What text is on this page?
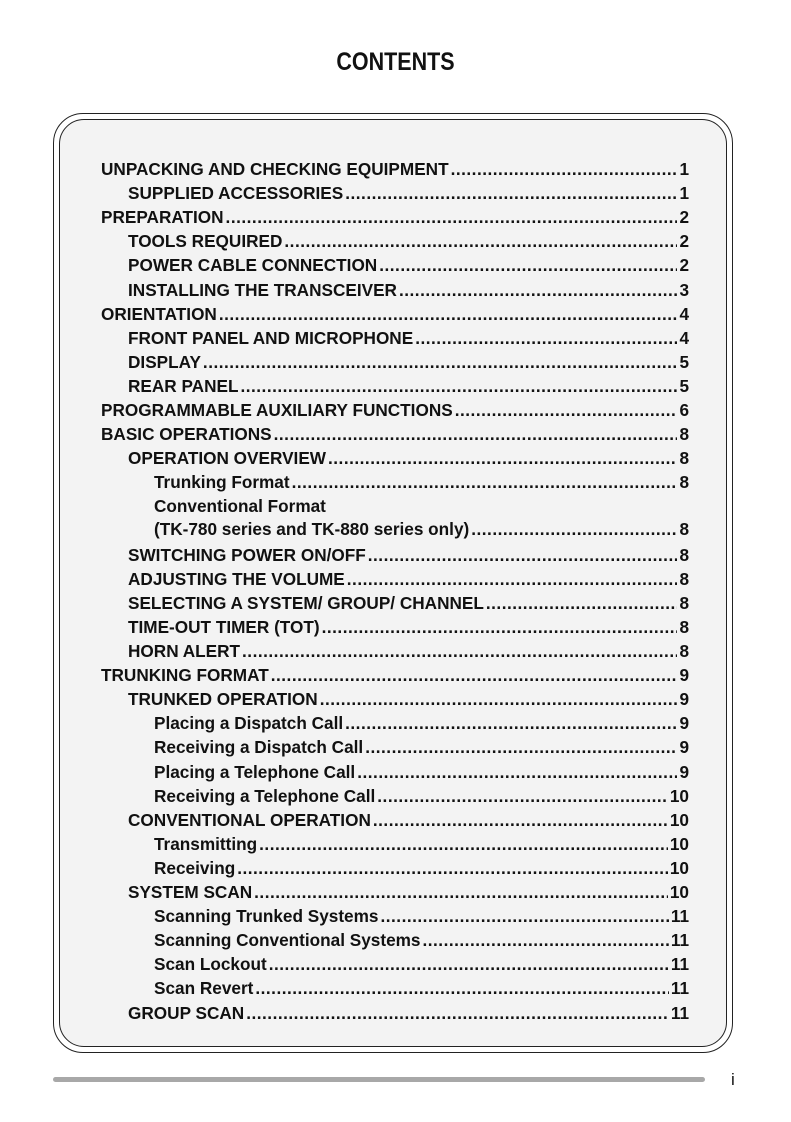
CONTENTS
UNPACKING AND CHECKING EQUIPMENT .....	1
SUPPLIED ACCESSORIES .....	1
PREPARATION .....	2
TOOLS REQUIRED .....	2
POWER CABLE CONNECTION .....	2
INSTALLING THE TRANSCEIVER .....	3
ORIENTATION .....	4
FRONT PANEL AND MICROPHONE .....	4
DISPLAY .....	5
REAR PANEL .....	5
PROGRAMMABLE AUXILIARY FUNCTIONS .....	6
BASIC OPERATIONS .....	8
OPERATION OVERVIEW .....	8
Trunking Format .....	8
Conventional Format
(TK-780 series and TK-880 series only) .....	8
SWITCHING POWER ON/OFF .....	8
ADJUSTING THE VOLUME .....	8
SELECTING A SYSTEM/ GROUP/ CHANNEL .....	8
TIME-OUT TIMER (TOT) .....	8
HORN ALERT .....	8
TRUNKING FORMAT .....	9
TRUNKED OPERATION .....	9
Placing a Dispatch Call .....	9
Receiving a Dispatch Call .....	9
Placing a Telephone Call .....	9
Receiving a Telephone Call .....	10
CONVENTIONAL OPERATION .....	10
Transmitting .....	10
Receiving .....	10
SYSTEM SCAN .....	10
Scanning Trunked Systems .....	11
Scanning Conventional Systems .....	11
Scan Lockout .....	11
Scan Revert .....	11
GROUP SCAN .....	11
i
